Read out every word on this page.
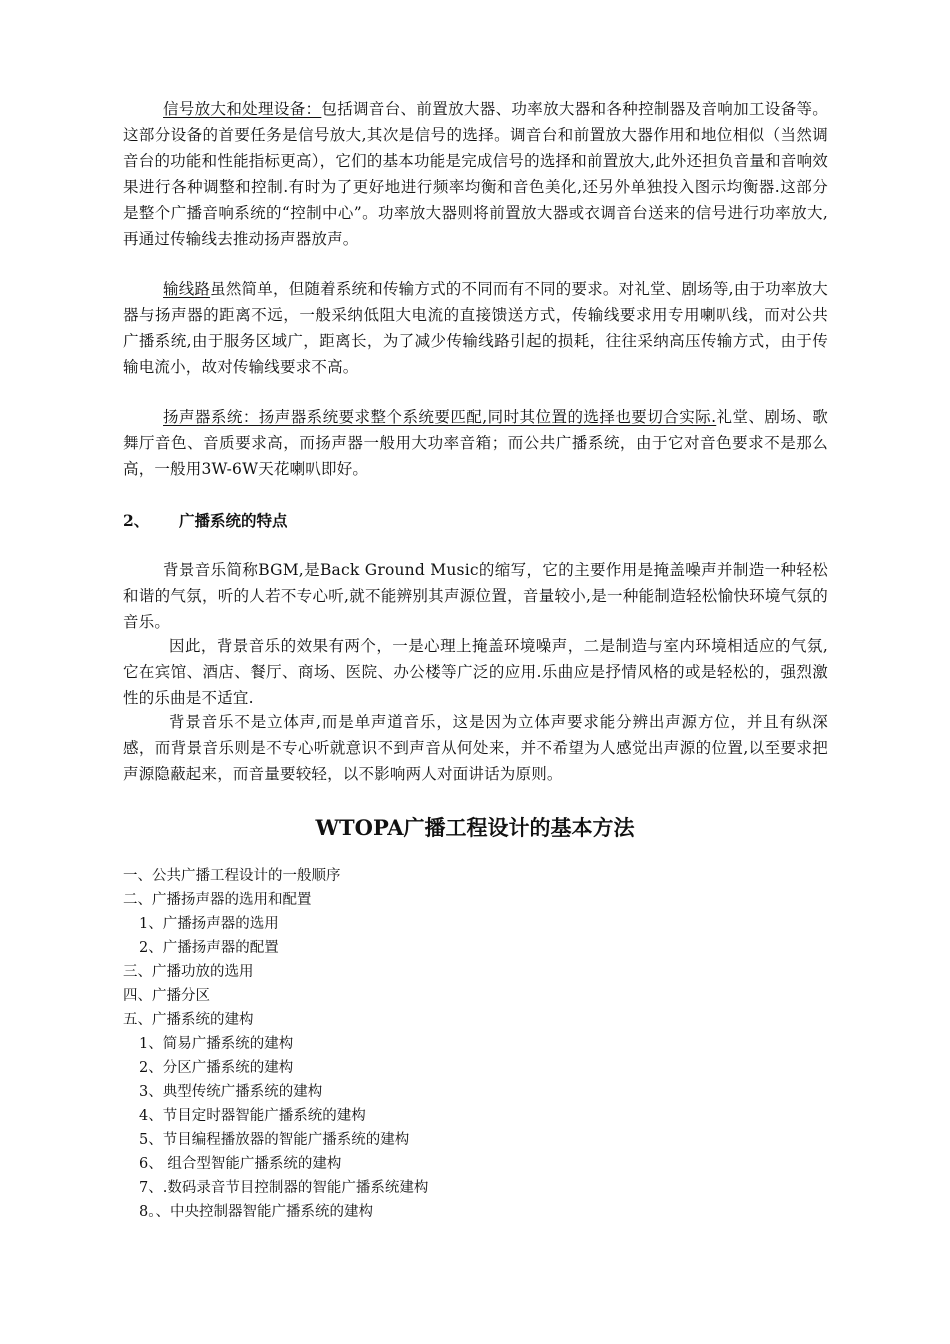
信号放大和处理设备：包括调音台、前置放大器、功率放大器和各种控制器及音响加工设备等。这部分设备的首要任务是信号放大,其次是信号的选择。调音台和前置放大器作用和地位相似（当然调音台的功能和性能指标更高），它们的基本功能是完成信号的选择和前置放大,此外还担负音量和音响效果进行各种调整和控制.有时为了更好地进行频率均衡和音色美化,还另外单独投入图示均衡器.这部分是整个广播音响系统的“控制中心”。功率放大器则将前置放大器或衣调音台送来的信号进行功率放大,再通过传输线去推动扬声器放声。

输线路虽然简单，但随着系统和传输方式的不同而有不同的要求。对礼堂、剧场等,由于功率放大器与扬声器的距离不远，一般采纳低阻大电流的直接馈送方式，传输线要求用专用喇叭线，而对公共广播系统,由于服务区域广，距离长，为了减少传输线路引起的损耗，往往采纳高压传输方式，由于传输电流小，故对传输线要求不高。

扬声器系统：扬声器系统要求整个系统要匹配,同时其位置的选择也要切合实际.礼堂、剧场、歌舞厅音色、音质要求高，而扬声器一般用大功率音箱；而公共广播系统，由于它对音色要求不是那么高，一般用3W-6W天花喇叭即好。

2、 广播系统的特点

背景音乐简称BGM,是Back Ground Music的缩写，它的主要作用是掩盖噪声并制造一种轻松和谐的气氛，听的人若不专心听,就不能辨别其声源位置，音量较小,是一种能制造轻松愉快环境气氛的音乐。

因此，背景音乐的效果有两个，一是心理上掩盖环境噪声，二是制造与室内环境相适应的气氛,它在宾馆、酒店、餐厅、商场、医院、办公楼等广泛的应用.乐曲应是抒情风格的或是轻松的，强烈激性的乐曲是不适宜.

背景音乐不是立体声,而是单声道音乐，这是因为立体声要求能分辨出声源方位，并且有纵深感，而背景音乐则是不专心听就意识不到声音从何处来，并不希望为人感觉出声源的位置,以至要求把声源隐蔽起来，而音量要较轻，以不影响两人对面讲话为原则。

WTOPA广播工程设计的基本方法
一、公共广播工程设计的一般顺序
二、广播扬声器的选用和配置
1、广播扬声器的选用
2、广播扬声器的配置
三、广播功放的选用
四、广播分区
五、广播系统的建构
1、简易广播系统的建构
2、分区广播系统的建构
3、典型传统广播系统的建构
4、节目定时器智能广播系统的建构
5、节目编程播放器的智能广播系统的建构
6、 组合型智能广播系统的建构
7、.数码录音节目控制器的智能广播系统建构
8。、中央控制器智能广播系统的建构
